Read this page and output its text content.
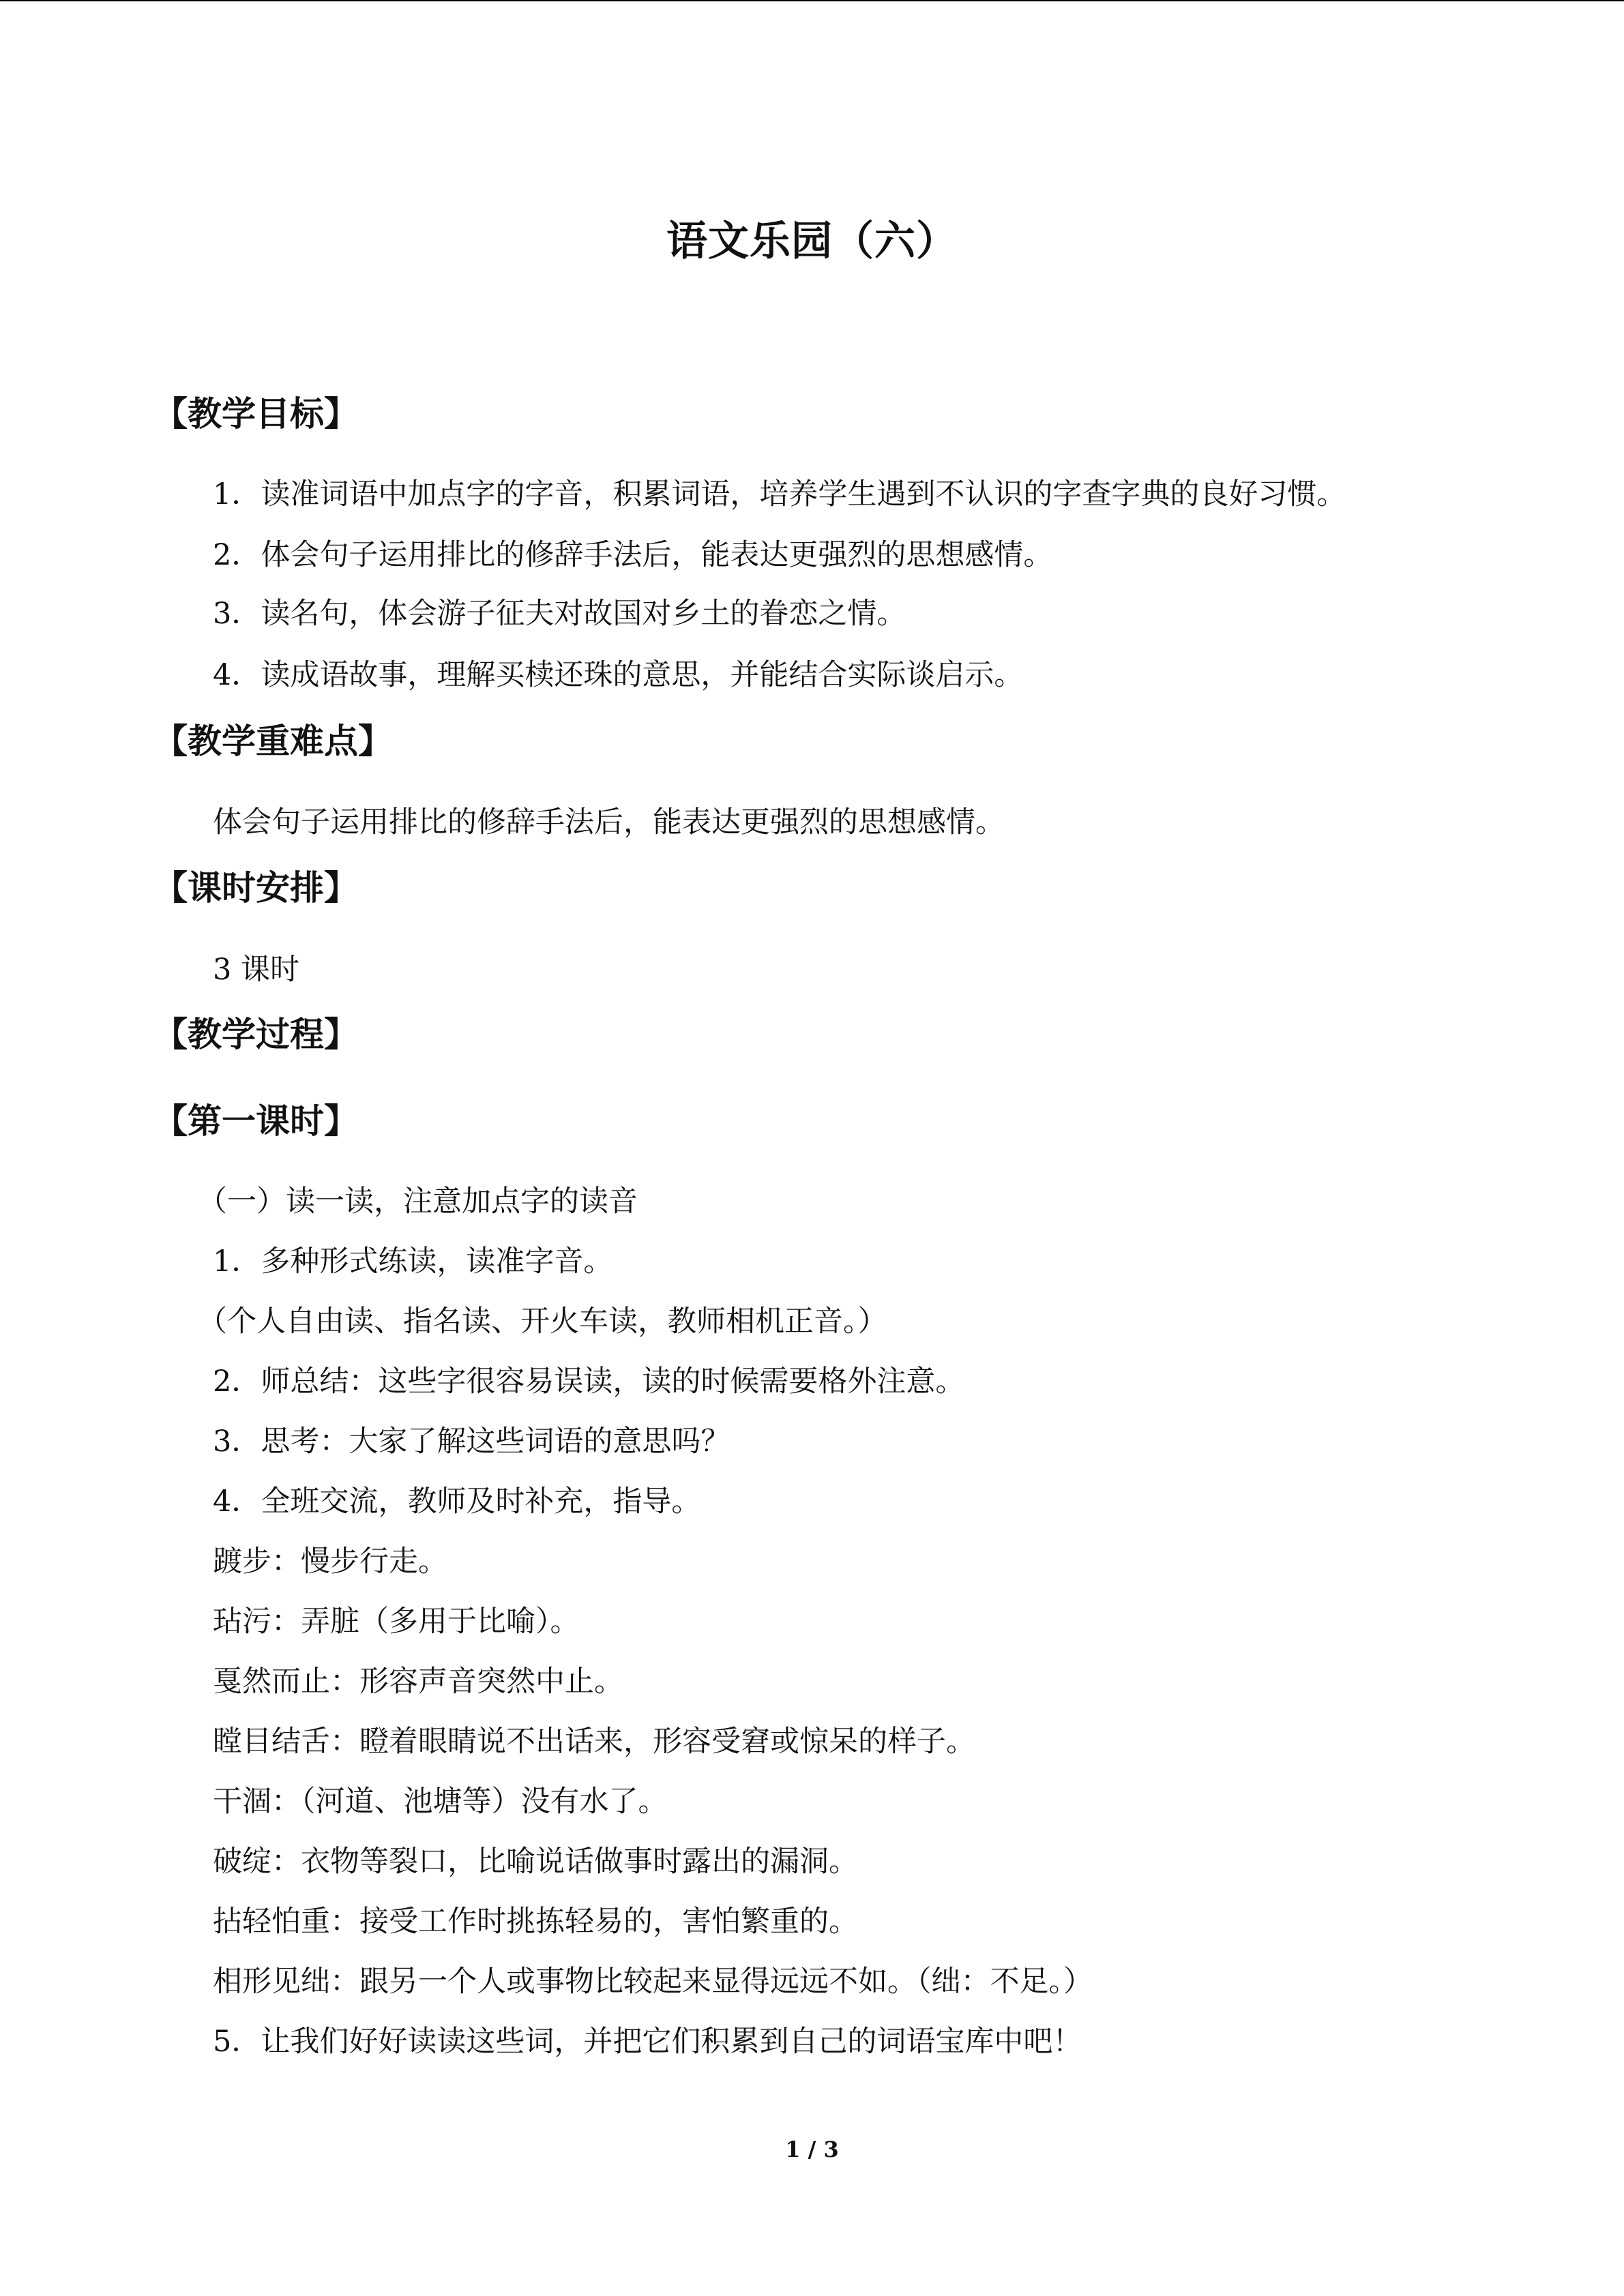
语文乐园（六）
【教学目标】
1．读准词语中加点字的字音，积累词语，培养学生遇到不认识的字查字典的良好习惯。
2．体会句子运用排比的修辞手法后，能表达更强烈的思想感情。
3．读名句，体会游子征夫对故国对乡土的眷恋之情。
4．读成语故事，理解买椟还珠的意思，并能结合实际谈启示。
【教学重难点】
体会句子运用排比的修辞手法后，能表达更强烈的思想感情。
【课时安排】
3 课时
【教学过程】
【第一课时】
（一）读一读，注意加点字的读音
1．多种形式练读，读准字音。
（个人自由读、指名读、开火车读，教师相机正音。）
2．师总结：这些字很容易误读，读的时候需要格外注意。
3．思考：大家了解这些词语的意思吗？
4．全班交流，教师及时补充，指导。
踱步：慢步行走。
玷污：弄脏（多用于比喻）。
戛然而止：形容声音突然中止。
瞠目结舌：瞪着眼睛说不出话来，形容受窘或惊呆的样子。
干涸：（河道、池塘等）没有水了。
破绽：衣物等裂口，比喻说话做事时露出的漏洞。
拈轻怕重：接受工作时挑拣轻易的，害怕繁重的。
相形见绌：跟另一个人或事物比较起来显得远远不如。（绌：不足。）
5．让我们好好读读这些词，并把它们积累到自己的词语宝库中吧！
1 / 3
